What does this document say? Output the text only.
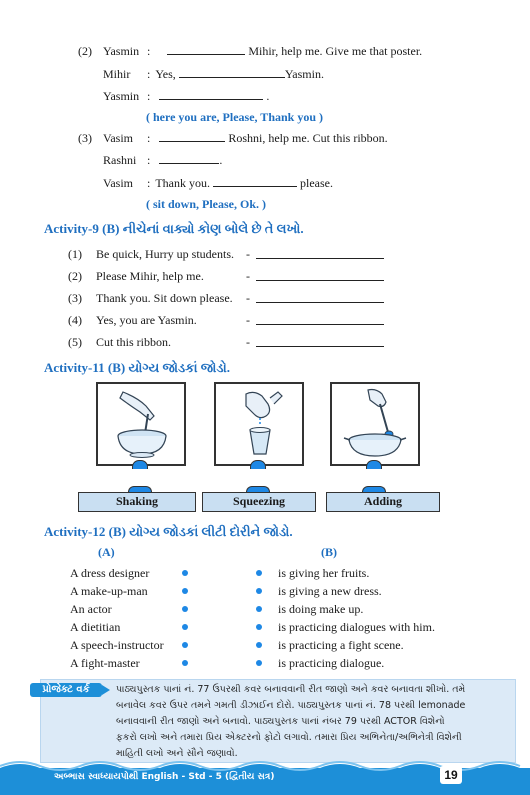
(2) Yasmin :	Mihir, help me. Give me that poster.
Mihir : Yes,	Yasmin.
Yasmin :	.
( here you are, Please, Thank you )
(3) Vasim :	Roshni, help me. Cut this ribbon.
Rashni :	.
Vasim : Thank you.	please.
( sit down, Please, Ok. )
Activity-9 (B) નીચેનાં વાક્યો કોણ બોલે છે તે લખો.
(1) Be quick, Hurry up students. -
(2) Please Mihir, help me.	-
(3) Thank you. Sit down please. -
(4) Yes, you are Yasmin.	-
(5) Cut this ribbon.	-
Activity-11 (B) યોગ્ય જોડકાં જોડો.
Shaking	Squeezing	Adding
Activity-12 (B) યોગ્ય જોડકાં લીટી દોરીને જોડો.
(A)	(B)
A dress designer	is giving her fruits.
A make-up-man	is giving a new dress.
An actor	is doing make up.
A dietitian	is practicing dialogues with him.
A speech-instructor	is practicing a fight scene.
A fight-master	is practicing dialogue.
પ્રોજેક્ટ વર્ક	પાઠ્યપુસ્તક પાનાં નં. 77 ઉપરથી કવર બનાવવાની રીત જાણો અને કવર બનાવતા શીખો. તમે
બનાવેલ કવર ઉપર તમને ગમતી ડીઝાઈન દોરો. પાઠ્યપુસ્તક પાનાં નં. 78 પરથી lemonade
બનાવવાની રીત જાણો અને બનાવો. પાઠ્યપુસ્તક પાનાં નંબર 79 પરથી ACTOR વિશેનો
ફકરો લખો અને તમારા પ્રિય એક્ટરનો ફોટો લગાવો. તમારા પ્રિય અભિનેતા/અભિનેત્રી વિશેની
માહિતી લખો અને સૌને જણાવો.
અબ્ભાસ સ્વાધ્યાયપોથી English - Std - 5 (દ્વિતીય સત્ર)	19
